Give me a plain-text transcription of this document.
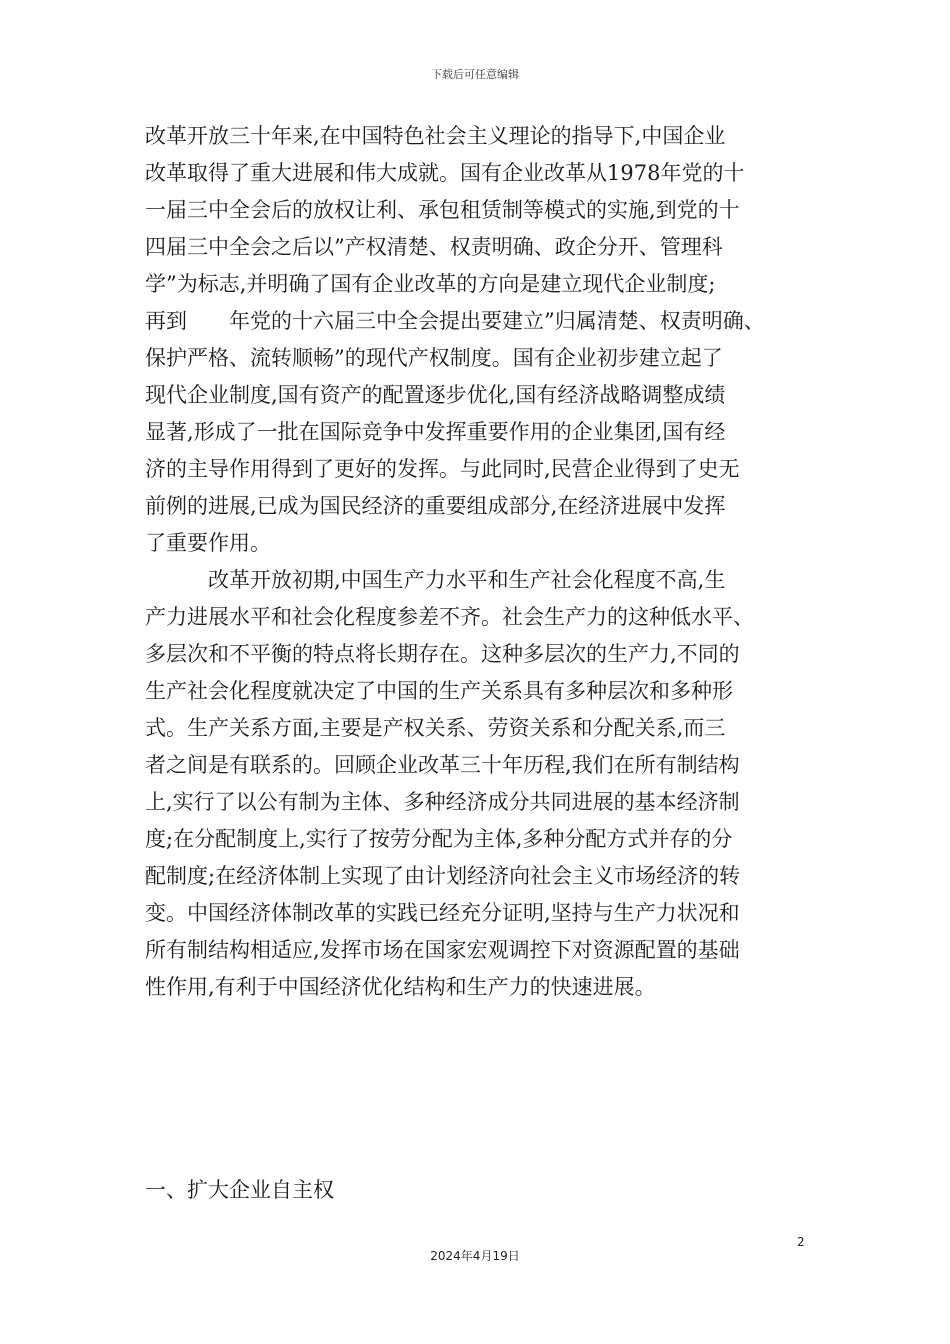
下载后可任意编辑
改革开放三十年来,在中国特色社会主义理论的指导下,中国企业
改革取得了重大进展和伟大成就。国有企业改革从1978年党的十
一届三中全会后的放权让利、承包租赁制等模式的实施,到党的十
四届三中全会之后以”产权清楚、权责明确、政企分开、管理科
学”为标志,并明确了国有企业改革的方向是建立现代企业制度;
再到　　年党的十六届三中全会提出要建立”归属清楚、权责明确、
保护严格、流转顺畅”的现代产权制度。国有企业初步建立起了
现代企业制度,国有资产的配置逐步优化,国有经济战略调整成绩
显著,形成了一批在国际竞争中发挥重要作用的企业集团,国有经
济的主导作用得到了更好的发挥。与此同时,民营企业得到了史无
前例的进展,已成为国民经济的重要组成部分,在经济进展中发挥
了重要作用。
　　　改革开放初期,中国生产力水平和生产社会化程度不高,生
产力进展水平和社会化程度参差不齐。社会生产力的这种低水平、
多层次和不平衡的特点将长期存在。这种多层次的生产力,不同的
生产社会化程度就决定了中国的生产关系具有多种层次和多种形
式。生产关系方面,主要是产权关系、劳资关系和分配关系,而三
者之间是有联系的。回顾企业改革三十年历程,我们在所有制结构
上,实行了以公有制为主体、多种经济成分共同进展的基本经济制
度;在分配制度上,实行了按劳分配为主体,多种分配方式并存的分
配制度;在经济体制上实现了由计划经济向社会主义市场经济的转
变。中国经济体制改革的实践已经充分证明,坚持与生产力状况和
所有制结构相适应,发挥市场在国家宏观调控下对资源配置的基础
性作用,有利于中国经济优化结构和生产力的快速进展。
一、扩大企业自主权
2
2024年4月19日
